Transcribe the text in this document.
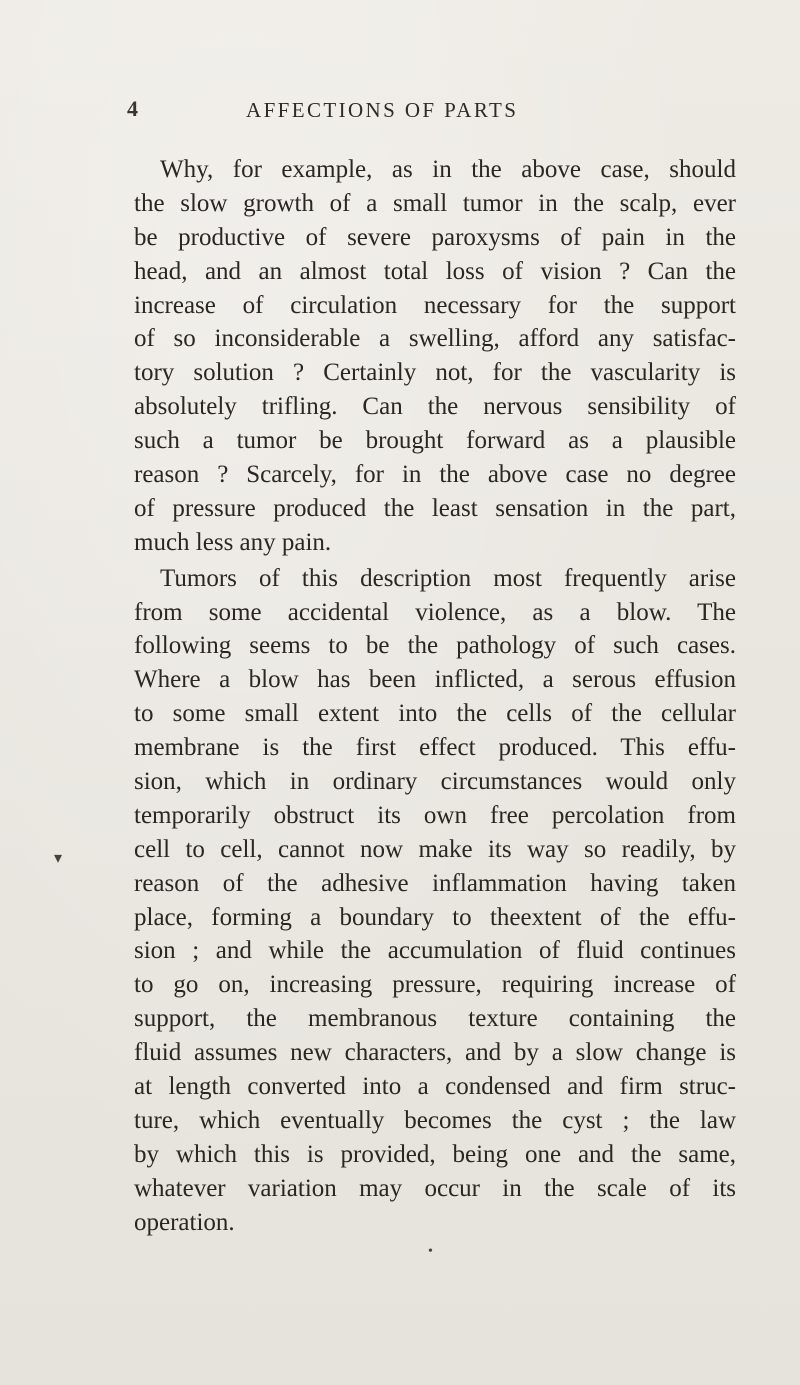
4	AFFECTIONS OF PARTS
▾
Why, for example, as in the above case, should
the slow growth of a small tumor in the scalp, ever
be productive of severe paroxysms of pain in the
head, and an almost total loss of vision ? Can the
increase of circulation necessary for the support
of so inconsiderable a swelling, afford any satisfac-
tory solution ? Certainly not, for the vascularity is
absolutely trifling. Can the nervous sensibility of
such a tumor be brought forward as a plausible
reason ? Scarcely, for in the above case no degree
of pressure produced the least sensation in the part,
much less any pain.
Tumors of this description most frequently arise
from some accidental violence, as a blow. The
following seems to be the pathology of such cases.
Where a blow has been inflicted, a serous effusion
to some small extent into the cells of the cellular
membrane is the first effect produced. This effu-
sion, which in ordinary circumstances would only
temporarily obstruct its own free percolation from
cell to cell, cannot now make its way so readily, by
reason of the adhesive inflammation having taken
place, forming a boundary to theextent of the effu-
sion ; and while the accumulation of fluid continues
to go on, increasing pressure, requiring increase of
support, the membranous texture containing the
fluid assumes new characters, and by a slow change is
at length converted into a condensed and firm struc-
ture, which eventually becomes the cyst ; the law
by which this is provided, being one and the same,
whatever variation may occur in the scale of its
operation.
•
